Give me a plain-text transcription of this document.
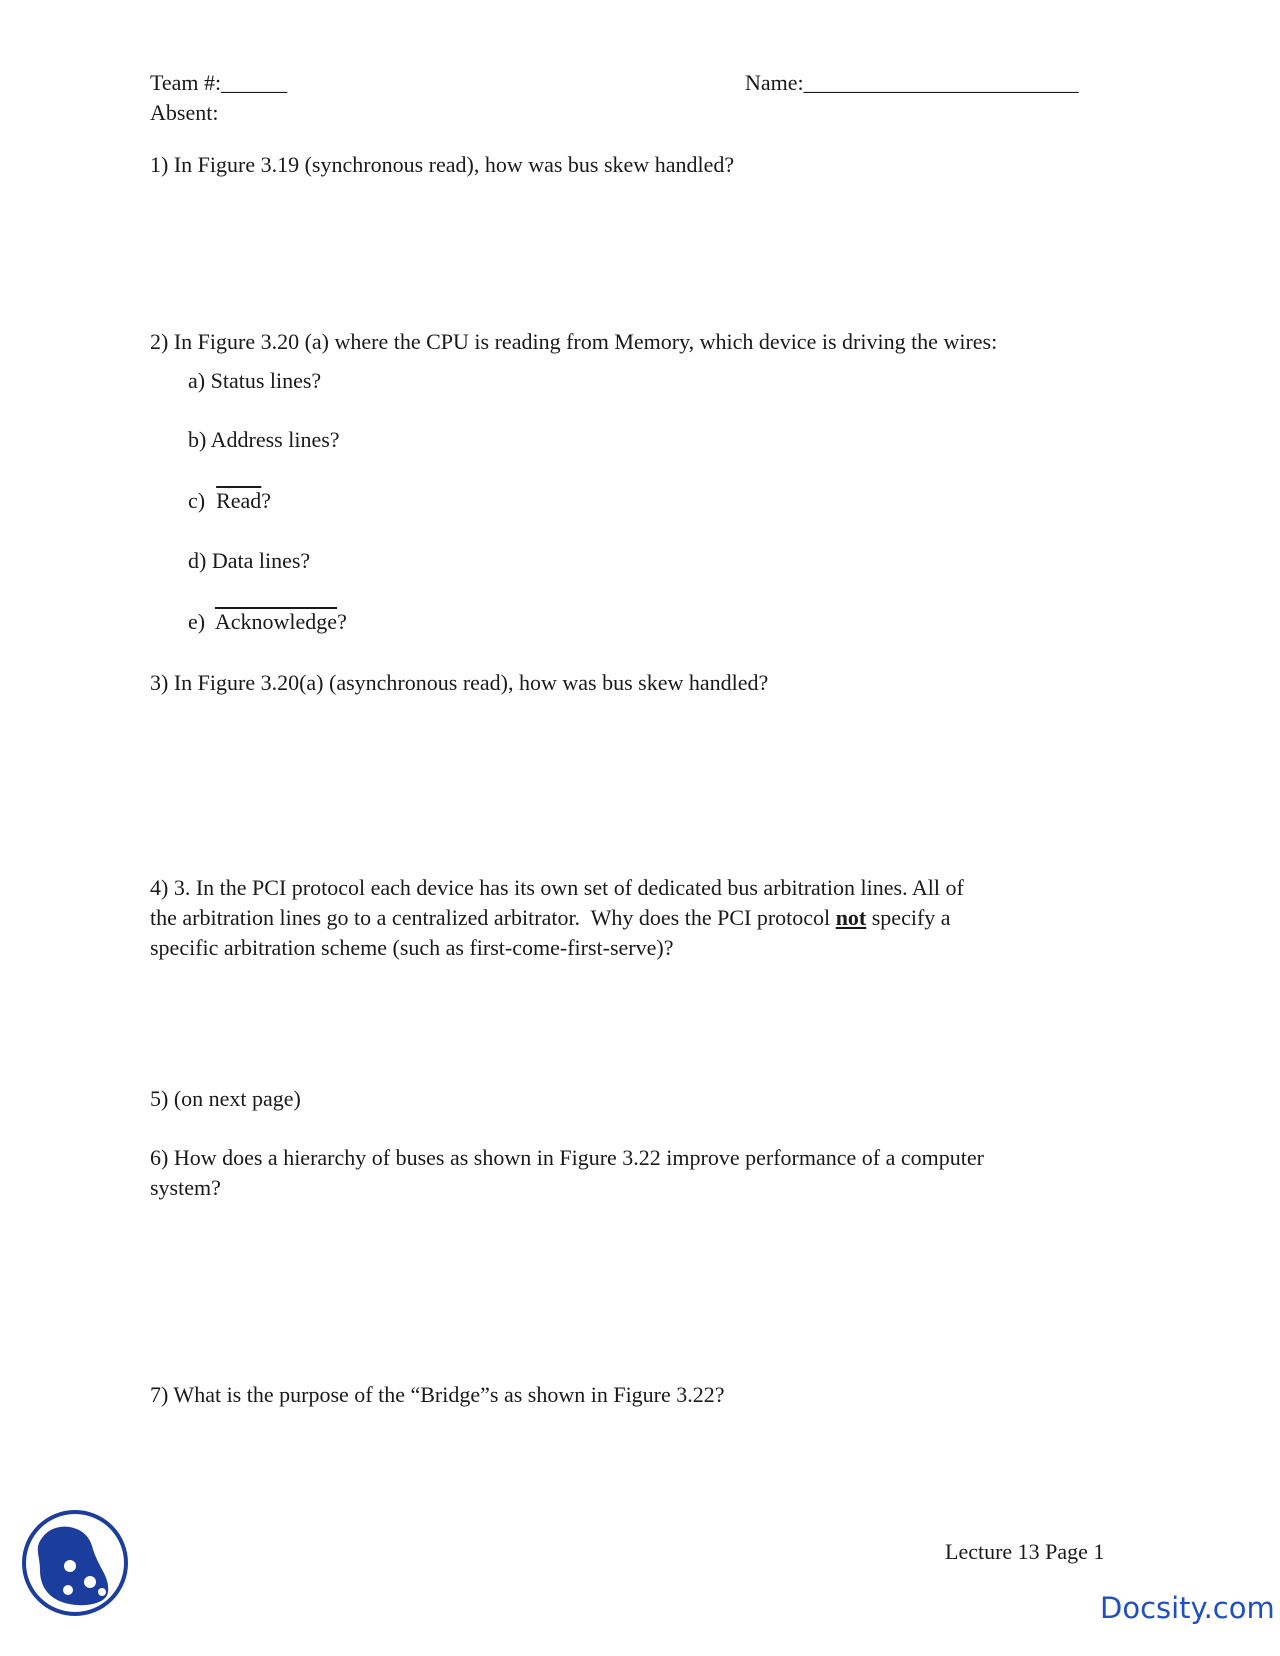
Team #:______	Name:_________________________
Absent:
1) In Figure 3.19 (synchronous read), how was bus skew handled?
2) In Figure 3.20 (a) where the CPU is reading from Memory, which device is driving the wires:
a) Status lines?
b) Address lines?
c)  Read?
d) Data lines?
e)  Acknowledge?
3) In Figure 3.20(a) (asynchronous read), how was bus skew handled?
4) 3. In the PCI protocol each device has its own set of dedicated bus arbitration lines. All of
the arbitration lines go to a centralized arbitrator.  Why does the PCI protocol not specify a
specific arbitration scheme (such as first-come-first-serve)?
5) (on next page)
6) How does a hierarchy of buses as shown in Figure 3.22 improve performance of a computer
system?
7) What is the purpose of the “Bridge”s as shown in Figure 3.22?
Lecture 13 Page 1
Docsity.com
